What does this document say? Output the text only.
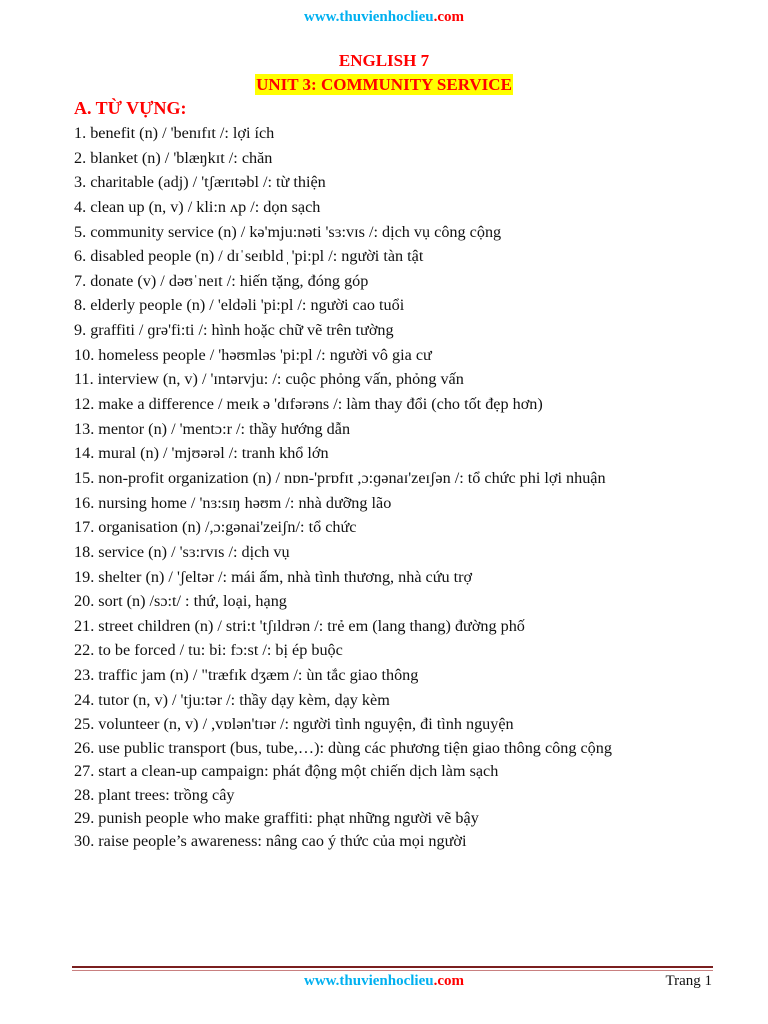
www.thuvienhoclieu.com
ENGLISH 7
UNIT 3: COMMUNITY SERVICE
A. TỪ VỰNG:
1. benefit (n) / 'benɪfɪt /: lợi ích
2. blanket (n) / 'blæŋkɪt /: chăn
3. charitable (adj) / 'tʃærɪtəbl /: từ thiện
4. clean up (n, v) / kli:n ʌp /: dọn sạch
5. community service (n) / kə'mju:nəti 'sɜ:vɪs /: dịch vụ công cộng
6. disabled people (n) / dɪˈseɪbld ̩ 'pi:pl /: người tàn tật
7. donate (v) / dəʊˈneɪt /: hiến tặng, đóng góp
8. elderly people (n) / 'eldəli 'pi:pl /: người cao tuổi
9. graffiti / ɡrə'fi:ti /: hình hoặc chữ vẽ trên tường
10. homeless people / 'həʊmləs 'pi:pl /: người vô gia cư
11. interview (n, v) / 'ɪntərvju: /: cuộc phỏng vấn, phỏng vấn
12. make a difference / meɪk ə 'dɪfərəns /: làm thay đổi (cho tốt đẹp hơn)
13. mentor (n) / 'mentɔ:r /: thầy hướng dẫn
14. mural (n) / 'mjʊərəl /: tranh khổ lớn
15. non-profit organization (n) / nɒn-'prɒfɪt ,ɔ:ɡənaɪ'zeɪʃən /: tổ chức phi lợi nhuận
16. nursing home / 'nɜ:sɪŋ həʊm /: nhà dưỡng lão
17. organisation (n) /,ɔ:gənai'zeiʃn/: tổ chức
18. service (n) / 'sɜ:rvɪs /: dịch vụ
19. shelter (n) / 'ʃeltər /: mái ấm, nhà tình thương, nhà cứu trợ
20. sort (n) /sɔ:t/ : thứ, loại, hạng
21. street children (n) / stri:t 'tʃɪldrən /: trẻ em (lang thang) đường phố
22. to be forced / tu: bi: fɔ:st /: bị ép buộc
23. traffic jam (n) / "træfɪk dʒæm /: ùn tắc giao thông
24. tutor (n, v) / 'tju:tər /: thầy dạy kèm, dạy kèm
25. volunteer (n, v) / ,vɒlən'tɪər /: người tình nguyện, đi tình nguyện
26. use public transport (bus, tube,…): dùng các phương tiện giao thông công cộng
27. start a clean-up campaign: phát động một chiến dịch làm sạch
28. plant trees: trồng cây
29. punish people who make graffiti: phạt những người vẽ bậy
30. raise people’s awareness: nâng cao ý thức của mọi người
www.thuvienhoclieu.com	Trang 1
